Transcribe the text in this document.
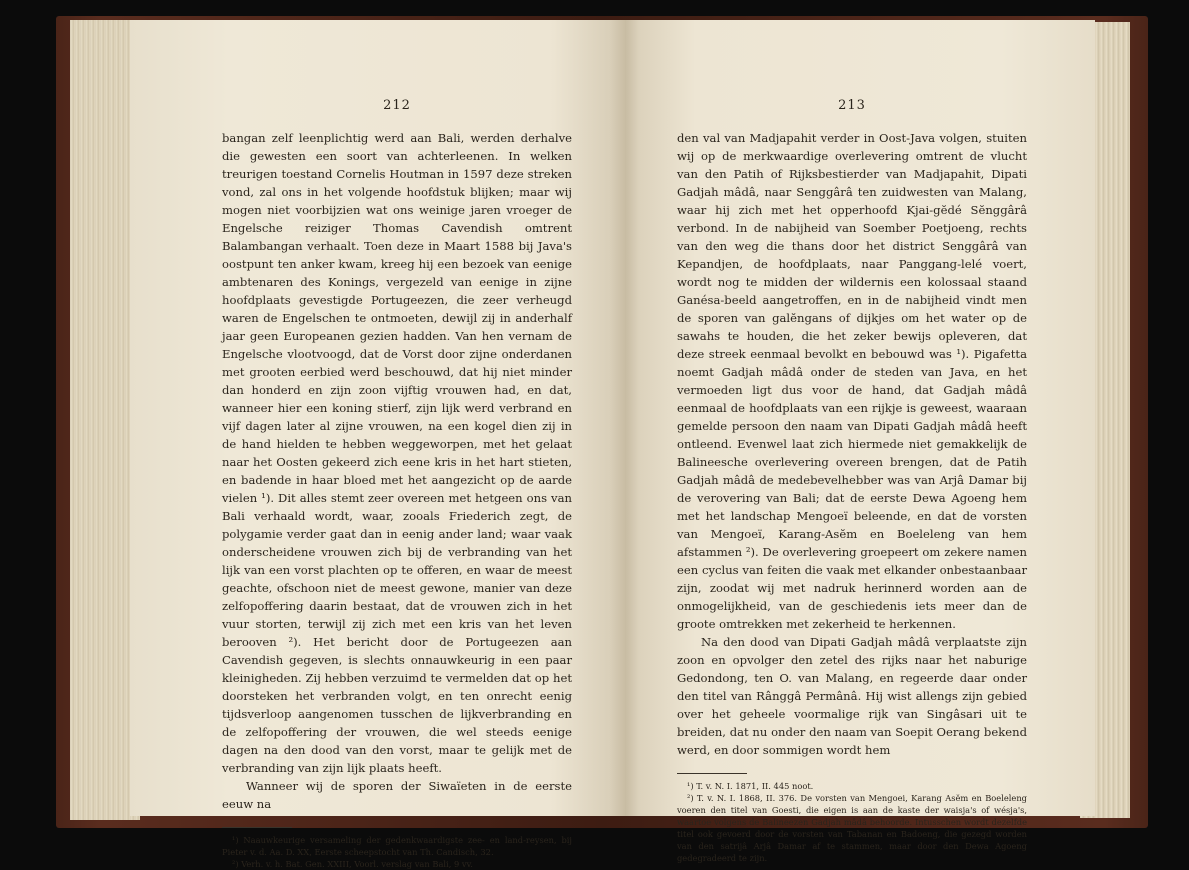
212

bangan zelf leenplichtig werd aan Bali, werden derhalve die gewesten een soort van achterleenen. In welken treurigen toestand Cornelis Houtman in 1597 deze streken vond, zal ons in het volgende hoofdstuk blijken; maar wij mogen niet voorbijzien wat ons weinige jaren vroeger de Engelsche reiziger Thomas Cavendish omtrent Balambangan verhaalt. Toen deze in Maart 1588 bij Java's oostpunt ten anker kwam, kreeg hij een bezoek van eenige ambtenaren des Konings, vergezeld van eenige in zijne hoofdplaats gevestigde Portugeezen, die zeer verheugd waren de Engelschen te ontmoeten, dewijl zij in anderhalf jaar geen Europeanen gezien hadden. Van hen vernam de Engelsche vlootvoogd, dat de Vorst door zijne onderdanen met grooten eerbied werd beschouwd, dat hij niet minder dan honderd en zijn zoon vijftig vrouwen had, en dat, wanneer hier een koning stierf, zijn lijk werd verbrand en vijf dagen later al zijne vrouwen, na een kogel dien zij in de hand hielden te hebben weggeworpen, met het gelaat naar het Oosten gekeerd zich eene kris in het hart stieten, en badende in haar bloed met het aangezicht op de aarde vielen ¹). Dit alles stemt zeer overeen met hetgeen ons van Bali verhaald wordt, waar, zooals Friederich zegt, de polygamie verder gaat dan in eenig ander land; waar vaak onderscheidene vrouwen zich bij de verbranding van het lijk van een vorst plachten op te offeren, en waar de meest geachte, ofschoon niet de meest gewone, manier van deze zelfopoffering daarin bestaat, dat de vrouwen zich in het vuur storten, terwijl zij zich met een kris van het leven berooven ²). Het bericht door de Portugeezen aan Cavendish gegeven, is slechts onnauwkeurig in een paar kleinigheden. Zij hebben verzuimd te vermelden dat op het doorsteken het verbranden volgt, en ten onrecht eenig tijdsverloop aangenomen tusschen de lijkverbranding en de zelfopoffering der vrouwen, die wel steeds eenige dagen na den dood van den vorst, maar te gelijk met de verbranding van zijn lijk plaats heeft.

Wanneer wij de sporen der Siwaïeten in de eerste eeuw na

¹) Naauwkeurige versameling der gedenkwaardigste zee- en land-reysen, bij Pieter v. d. Aa. D. XX, Eerste scheepstocht van Th. Candisch, 32.

²) Verh. v. h. Bat. Gen. XXIII, Voorl. verslag van Bali, 9 vv.

213

den val van Madjapahit verder in Oost-Java volgen, stuiten wij op de merkwaardige overlevering omtrent de vlucht van den Patih of Rijksbestierder van Madjapahit, Dipati Gadjah mâdâ, naar Senggârâ ten zuidwesten van Malang, waar hij zich met het opperhoofd Kjai-gĕdé Sĕnggârâ verbond. In de nabijheid van Soember Poetjoeng, rechts van den weg die thans door het district Senggârâ van Kepandjen, de hoofdplaats, naar Panggang-lelé voert, wordt nog te midden der wildernis een kolossaal staand Ganésa-beeld aangetroffen, en in de nabijheid vindt men de sporen van galĕngans of dijkjes om het water op de sawahs te houden, die het zeker bewijs opleveren, dat deze streek eenmaal bevolkt en bebouwd was ¹). Pigafetta noemt Gadjah mâdâ onder de steden van Java, en het vermoeden ligt dus voor de hand, dat Gadjah mâdâ eenmaal de hoofdplaats van een rijkje is geweest, waaraan gemelde persoon den naam van Dipati Gadjah mâdâ heeft ontleend. Evenwel laat zich hiermede niet gemakkelijk de Balineesche overlevering overeen brengen, dat de Patih Gadjah mâdâ de medebevelhebber was van Arjâ Damar bij de verovering van Bali; dat de eerste Dewa Agoeng hem met het landschap Mengoeï beleende, en dat de vorsten van Mengoeï, Karang-Asĕm en Boeleleng van hem afstammen ²). De overlevering groepeert om zekere namen een cyclus van feiten die vaak met elkander onbestaanbaar zijn, zoodat wij met nadruk herinnerd worden aan de onmogelijkheid, van de geschiedenis iets meer dan de groote omtrekken met zekerheid te herkennen.

Na den dood van Dipati Gadjah mâdâ verplaatste zijn zoon en opvolger den zetel des rijks naar het naburige Gedondong, ten O. van Malang, en regeerde daar onder den titel van Rânggâ Permânâ. Hij wist allengs zijn gebied over het geheele voormalige rijk van Singâsari uit te breiden, dat nu onder den naam van Soepit Oerang bekend werd, en door sommigen wordt hem

¹) T. v. N. I. 1871, II. 445 noot.

²) T. v. N. I. 1868, II. 376. De vorsten van Mengoei, Karang Asĕm en Boeleleng voeren den titel van Goesti, die eigen is aan de kaste der waisja's of wésja's, waartoe volgens de Balineezen Gadjah mâdâ behoorde. Intusschen wordt dezelfde titel ook gevoerd door de vorsten van Tabanan en Badoeng, die gezegd worden van den satrijâ Arjâ Damar af te stammen, maar door den Dewa Agoeng gedegradeerd te zijn.
